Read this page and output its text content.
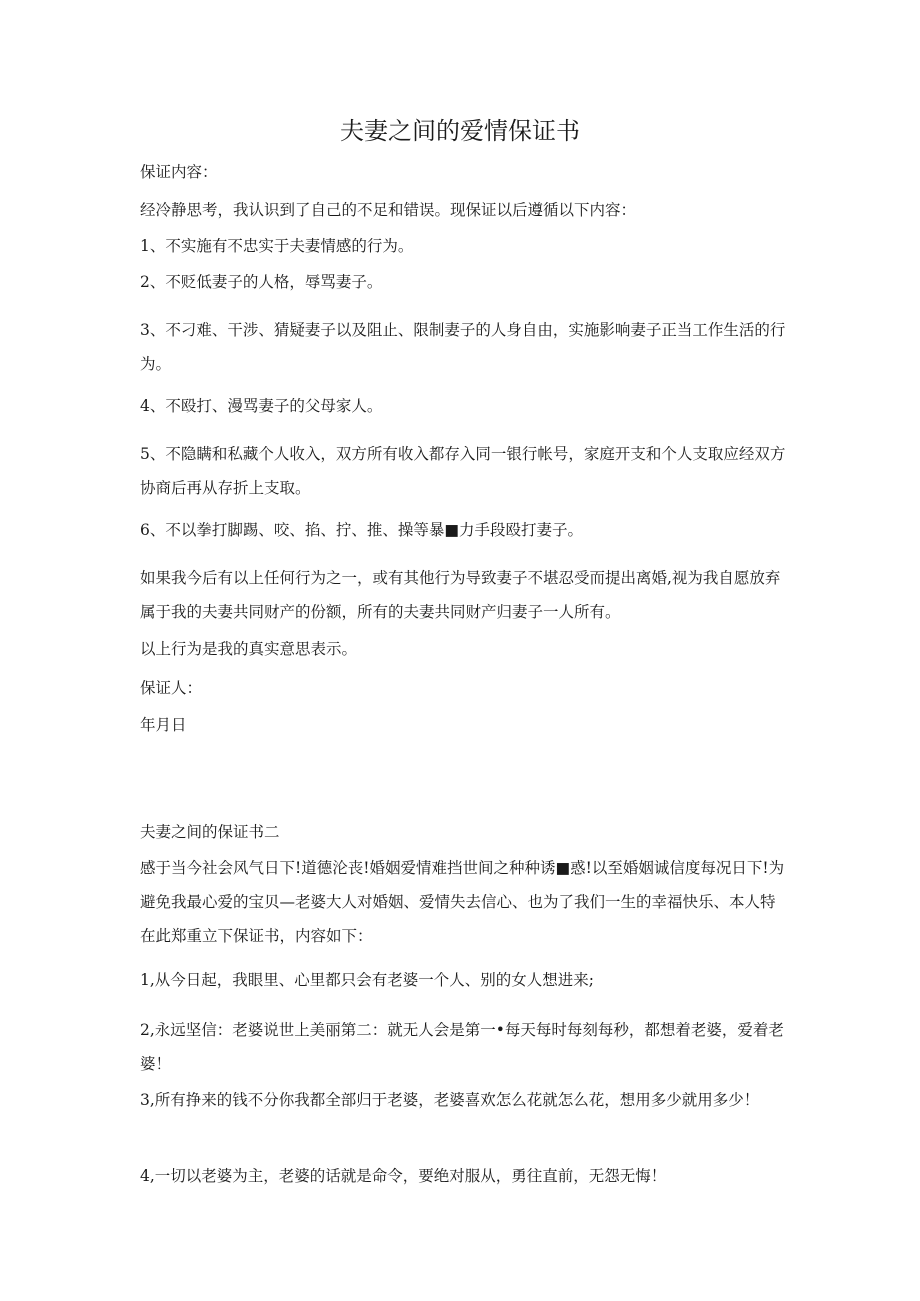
夫妻之间的爱情保证书

保证内容：

经冷静思考，我认识到了自己的不足和错误。现保证以后遵循以下内容：

1、不实施有不忠实于夫妻情感的行为。

2、不贬低妻子的人格，辱骂妻子。

3、不刁难、干涉、猜疑妻子以及阻止、限制妻子的人身自由，实施影响妻子正当工作生活的行为。

4、不殴打、漫骂妻子的父母家人。

5、不隐瞒和私藏个人收入，双方所有收入都存入同一银行帐号，家庭开支和个人支取应经双方协商后再从存折上支取。

6、不以拳打脚踢、咬、掐、拧、推、操等暴■力手段殴打妻子。

如果我今后有以上任何行为之一，或有其他行为导致妻子不堪忍受而提出离婚,视为我自愿放弃属于我的夫妻共同财产的份额，所有的夫妻共同财产归妻子一人所有。

以上行为是我的真实意思表示。

保证人：

年月日

夫妻之间的保证书二

感于当今社会风气日下!道德沦丧!婚姻爱情难挡世间之种种诱■惑!以至婚姻诚信度每况日下!为避免我最心爱的宝贝—老婆大人对婚姻、爱情失去信心、也为了我们一生的幸福快乐、本人特在此郑重立下保证书，内容如下：

1,从今日起，我眼里、心里都只会有老婆一个人、别的女人想进来;

2,永远坚信：老婆说世上美丽第二：就无人会是第一•每天每时每刻每秒，都想着老婆，爱着老婆！

3,所有挣来的钱不分你我都全部归于老婆，老婆喜欢怎么花就怎么花，想用多少就用多少！

4,一切以老婆为主，老婆的话就是命令，要绝对服从，勇往直前，无怨无悔！
